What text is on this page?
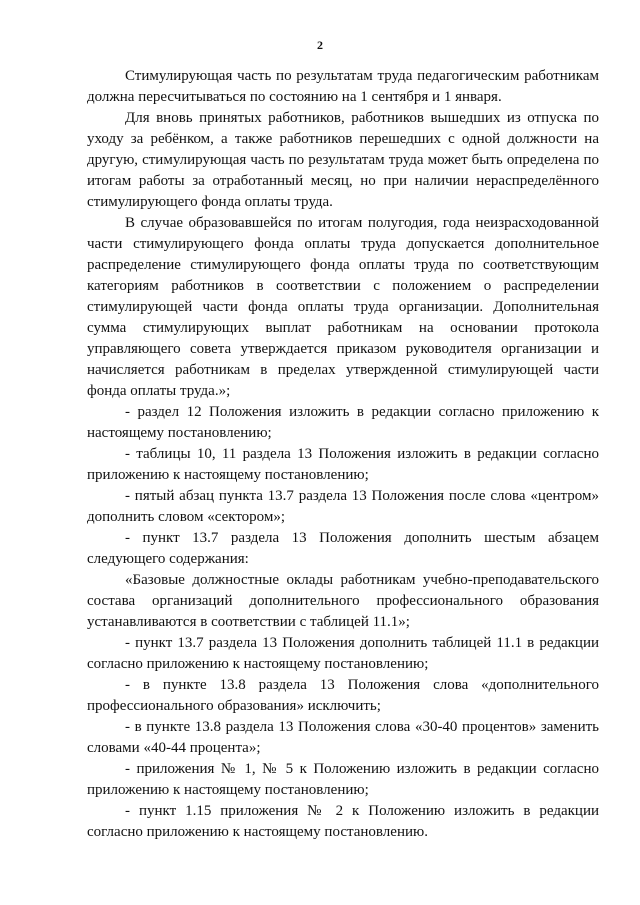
2

Стимулирующая часть по результатам труда педагогическим работникам должна пересчитываться по состоянию на 1 сентября и 1 января.

Для вновь принятых работников, работников вышедших из отпуска по уходу за ребёнком, а также работников перешедших с одной должности на другую, стимулирующая часть по результатам труда может быть определена по итогам работы за отработанный месяц, но при наличии нераспределённого стимулирующего фонда оплаты труда.

В случае образовавшейся по итогам полугодия, года неизрасходованной части стимулирующего фонда оплаты труда допускается дополнительное распределение стимулирующего фонда оплаты труда по соответствующим категориям работников в соответствии с положением о распределении стимулирующей части фонда оплаты труда организации. Дополнительная сумма стимулирующих выплат работникам на основании протокола управляющего совета утверждается приказом руководителя организации и начисляется работникам в пределах утвержденной стимулирующей части фонда оплаты труда.»;

- раздел 12 Положения изложить в редакции согласно приложению к настоящему постановлению;

- таблицы 10, 11 раздела 13 Положения изложить в редакции согласно приложению к настоящему постановлению;

- пятый абзац пункта 13.7 раздела 13 Положения после слова «центром» дополнить словом «сектором»;

- пункт 13.7 раздела 13 Положения дополнить шестым абзацем следующего содержания:

«Базовые должностные оклады работникам учебно-преподавательского состава организаций дополнительного профессионального образования устанавливаются в соответствии с таблицей 11.1»;

- пункт 13.7 раздела 13 Положения дополнить таблицей 11.1 в редакции согласно приложению к настоящему постановлению;

- в пункте 13.8 раздела 13 Положения слова «дополнительного профессионального образования» исключить;

- в пункте 13.8 раздела 13 Положения слова «30-40 процентов» заменить словами «40-44 процента»;

- приложения № 1, № 5 к Положению изложить в редакции согласно приложению к настоящему постановлению;

- пункт 1.15 приложения № 2 к Положению изложить в редакции согласно приложению к настоящему постановлению.
